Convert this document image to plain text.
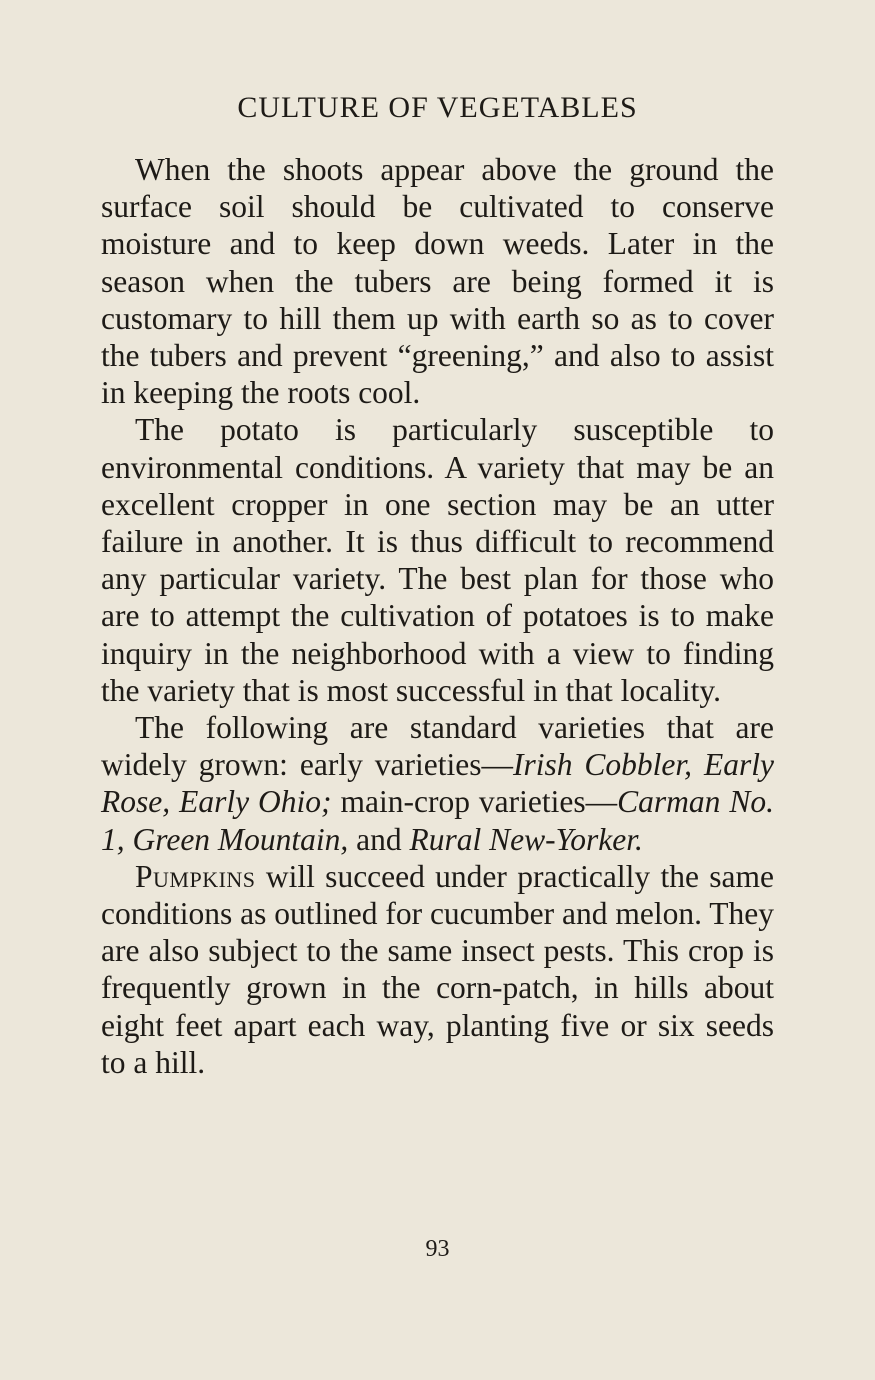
CULTURE OF VEGETABLES

When the shoots appear above the ground the surface soil should be cultivated to conserve moisture and to keep down weeds. Later in the season when the tubers are being formed it is customary to hill them up with earth so as to cover the tubers and prevent “greening,” and also to assist in keeping the roots cool.

The potato is particularly susceptible to environmental conditions. A variety that may be an excellent cropper in one section may be an utter failure in another. It is thus difficult to recommend any particular variety. The best plan for those who are to attempt the cultivation of potatoes is to make inquiry in the neighborhood with a view to finding the variety that is most successful in that locality.

The following are standard varieties that are widely grown: early varieties—Irish Cobbler, Early Rose, Early Ohio; main-crop varieties—Carman No. 1, Green Mountain, and Rural New-Yorker.

Pumpkins will succeed under practically the same conditions as outlined for cucumber and melon. They are also subject to the same insect pests. This crop is frequently grown in the corn-patch, in hills about eight feet apart each way, planting five or six seeds to a hill.

93
